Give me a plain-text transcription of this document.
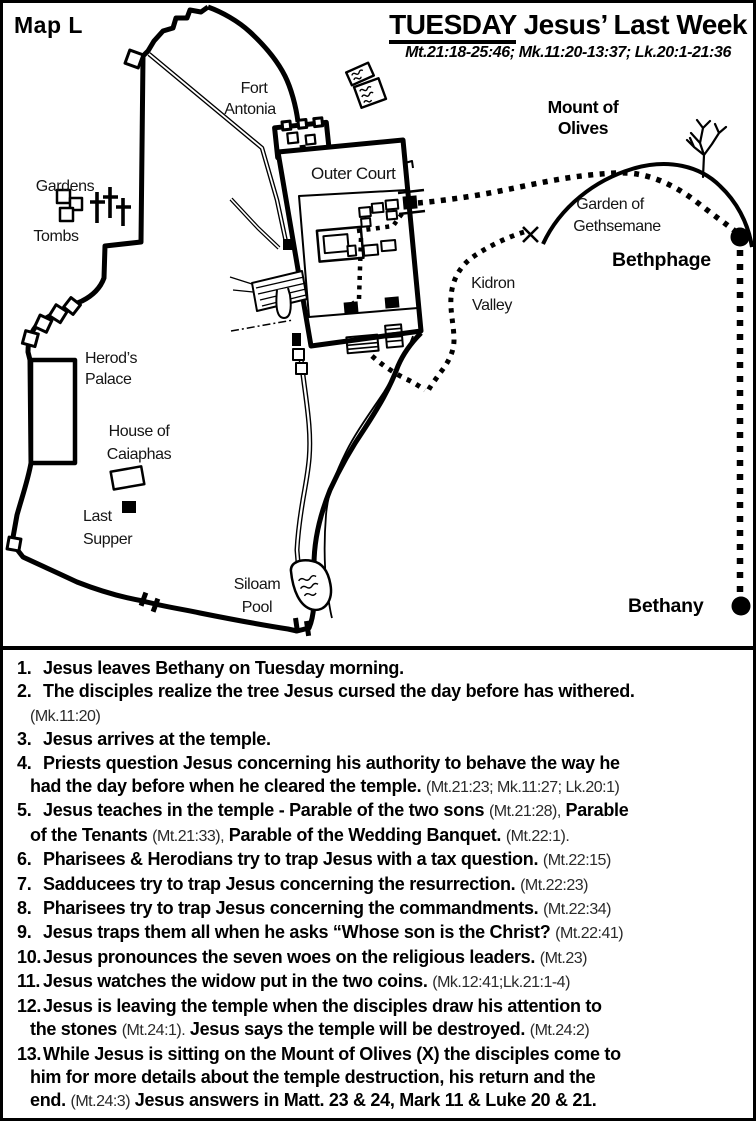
Fort
Antonia
Gardens
Tombs
Outer Court
Mount of
Olives
Garden of
Gethsemane
Bethphage
Kidron
Valley
Herod’s
Palace
House of
Caiaphas
Last
Supper
Siloam
Pool	Bethany
Map L	TUESDAY Jesus’ Last Week
Mt.21:18-25:46; Mk.11:20-13:37; Lk.20:1-21:36
1. Jesus leaves Bethany on Tuesday morning.
2. The disciples realize the tree Jesus cursed the day before has withered.
(Mk.11:20)
3. Jesus arrives at the temple.
4. Priests question Jesus concerning his authority to behave the way he
had the day before when he cleared the temple. (Mt.21:23; Mk.11:27; Lk.20:1)
5. Jesus teaches in the temple - Parable of the two sons (Mt.21:28), Parable
of the Tenants (Mt.21:33), Parable of the Wedding Banquet. (Mt.22:1).
6. Pharisees & Herodians try to trap Jesus with a tax question. (Mt.22:15)
7. Sadducees try to trap Jesus concerning the resurrection. (Mt.22:23)
8. Pharisees try to trap Jesus concerning the commandments. (Mt.22:34)
9. Jesus traps them all when he asks “Whose son is the Christ? (Mt.22:41)
10. Jesus pronounces the seven woes on the religious leaders. (Mt.23)
11. Jesus watches the widow put in the two coins. (Mk.12:41;Lk.21:1-4)
12. Jesus is leaving the temple when the disciples draw his attention to
the stones (Mt.24:1). Jesus says the temple will be destroyed. (Mt.24:2)
13. While Jesus is sitting on the Mount of Olives (X) the disciples come to
him for more details about the temple destruction, his return and the
end. (Mt.24:3) Jesus answers in Matt. 23 & 24, Mark 11 & Luke 20 & 21.
